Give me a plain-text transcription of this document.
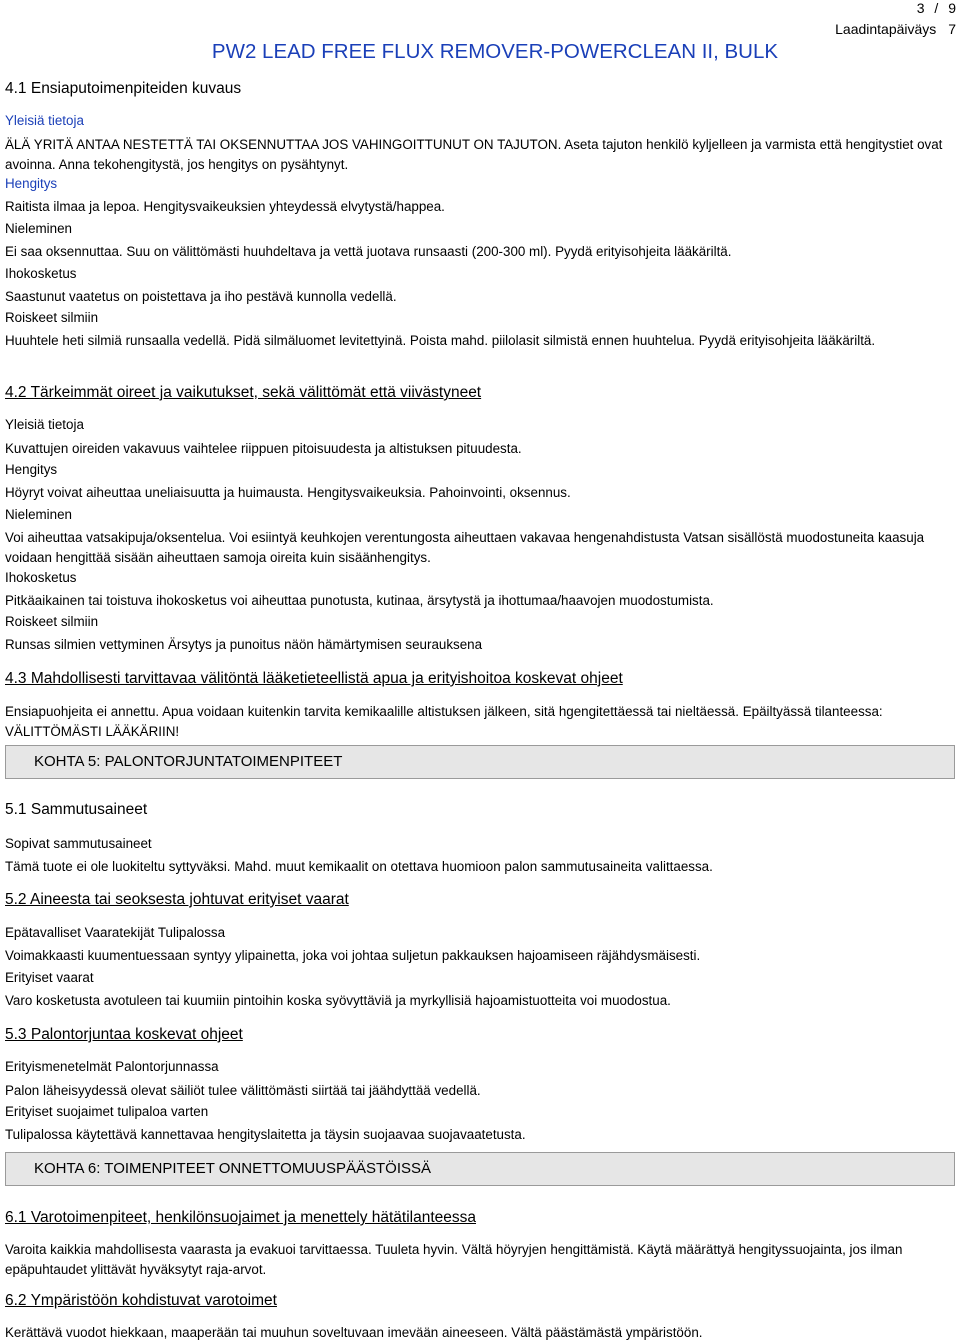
3 / 9
Laadintapäiväys 7
PW2 LEAD FREE FLUX REMOVER-POWERCLEAN II, BULK
4.1 Ensiaputoimenpiteiden kuvaus
Yleisiä tietoja
ÄLÄ YRITÄ ANTAA NESTETTÄ TAI OKSENNUTTAA JOS VAHINGOITTUNUT ON TAJUTON. Aseta tajuton henkilö kyljelleen ja varmista että hengitystiet ovat avoinna. Anna tekohengitystä, jos hengitys on pysähtynyt.
Hengitys
Raitista ilmaa ja lepoa. Hengitysvaikeuksien yhteydessä elvytystä/happea.
Nieleminen
Ei saa oksennuttaa. Suu on välittömästi huuhdeltava ja vettä juotava runsaasti (200-300 ml). Pyydä erityisohjeita lääkäriltä.
Ihokosketus
Saastunut vaatetus on poistettava ja iho pestävä kunnolla vedellä.
Roiskeet silmiin
Huuhtele heti silmiä runsaalla vedellä. Pidä silmäluomet levitettyinä. Poista mahd. piilolasit silmistä ennen huuhtelua. Pyydä erityisohjeita lääkäriltä.
4.2 Tärkeimmät oireet ja vaikutukset, sekä välittömät että viivästyneet
Yleisiä tietoja
Kuvattujen oireiden vakavuus vaihtelee riippuen pitoisuudesta ja altistuksen pituudesta.
Hengitys
Höyryt voivat aiheuttaa uneliaisuutta ja huimausta. Hengitysvaikeuksia. Pahoinvointi, oksennus.
Nieleminen
Voi aiheuttaa vatsakipuja/oksentelua. Voi esiintyä keuhkojen verentungosta aiheuttaen vakavaa hengenahdistusta Vatsan sisällöstä muodostuneita kaasuja voidaan hengittää sisään aiheuttaen samoja oireita kuin sisäänhengitys.
Ihokosketus
Pitkäaikainen tai toistuva ihokosketus voi aiheuttaa punotusta, kutinaa, ärsytystä ja ihottumaa/haavojen muodostumista.
Roiskeet silmiin
Runsas silmien vettyminen Ärsytys ja punoitus näön hämärtymisen seurauksena
4.3 Mahdollisesti tarvittavaa välitöntä lääketieteellistä apua ja erityishoitoa koskevat ohjeet
Ensiapuohjeita ei annettu. Apua voidaan kuitenkin tarvita kemikaalille altistuksen jälkeen, sitä hgengitettäessä tai nieltäessä. Epäiltyässä tilanteessa: VÄLITTÖMÄSTI LÄÄKÄRIIN!
KOHTA 5: PALONTORJUNTATOIMENPITEET
5.1 Sammutusaineet
Sopivat sammutusaineet
Tämä tuote ei ole luokiteltu syttyväksi. Mahd. muut kemikaalit on otettava huomioon palon sammutusaineita valittaessa.
5.2 Aineesta tai seoksesta johtuvat erityiset vaarat
Epätavalliset Vaaratekijät Tulipalossa
Voimakkaasti kuumentuessaan syntyy ylipainetta, joka voi johtaa suljetun pakkauksen hajoamiseen räjähdysmäisesti.
Erityiset vaarat
Varo kosketusta avotuleen tai kuumiin pintoihin koska syövyttäviä ja myrkyllisiä hajoamistuotteita voi muodostua.
5.3 Palontorjuntaa koskevat ohjeet
Erityismenetelmät Palontorjunnassa
Palon läheisyydessä olevat säiliöt tulee välittömästi siirtää tai jäähdyttää vedellä.
Erityiset suojaimet tulipaloa varten
Tulipalossa käytettävä kannettavaa hengityslaitetta ja täysin suojaavaa suojavaatetusta.
KOHTA 6: TOIMENPITEET ONNETTOMUUSPÄÄSTÖISSÄ
6.1 Varotoimenpiteet, henkilönsuojaimet ja menettely hätätilanteessa
Varoita kaikkia mahdollisesta vaarasta ja evakuoi tarvittaessa. Tuuleta hyvin. Vältä höyryjen hengittämistä. Käytä määrättyä hengityssuojainta, jos ilman epäpuhtaudet ylittävät hyväksytyt raja-arvot.
6.2 Ympäristöön kohdistuvat varotoimet
Kerättävä vuodot hiekkaan, maaperään tai muuhun soveltuvaan imevään aineeseen. Vältä päästämästä ympäristöön.
